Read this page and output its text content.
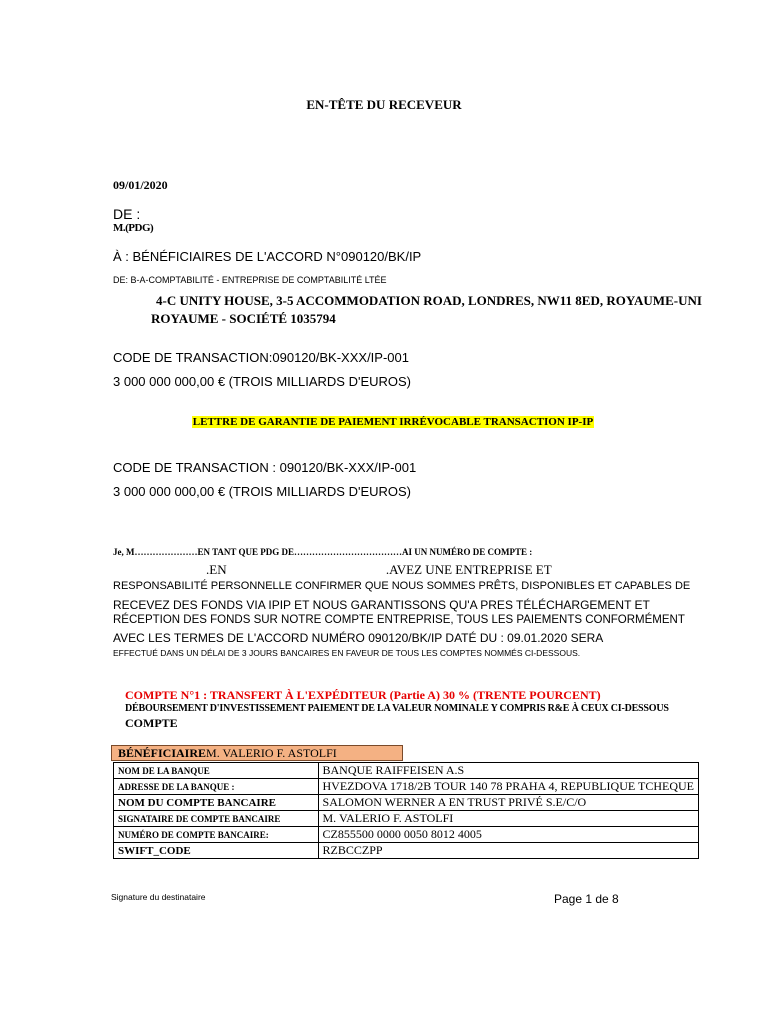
EN-TÊTE DU RECEVEUR
09/01/2020
DE :
M.(PDG)
À : BÉNÉFICIAIRES DE L'ACCORD N°090120/BK/IP
DE: B-A-COMPTABILITÉ - ENTREPRISE DE COMPTABILITÉ LTÉE
4-C UNITY HOUSE, 3-5 ACCOMMODATION ROAD, LONDRES, NW11 8ED, ROYAUME-UNI
ROYAUME - SOCIÉTÉ 1035794
CODE DE TRANSACTION:090120/BK-XXX/IP-001
3 000 000 000,00 € (TROIS MILLIARDS D'EUROS)
LETTRE DE GARANTIE DE PAIEMENT IRRÉVOCABLE TRANSACTION IP-IP
CODE DE TRANSACTION : 090120/BK-XXX/IP-001
3 000 000 000,00 € (TROIS MILLIARDS D'EUROS)
Je, M…………………EN TANT QUE PDG DE………………………………AI UN NUMÉRO DE COMPTE :
.EN                                                 .AVEZ UNE ENTREPRISE ET
RESPONSABILITÉ PERSONNELLE CONFIRMER QUE NOUS SOMMES PRÊTS, DISPONIBLES ET CAPABLES DE
RECEVEZ DES FONDS VIA IPIP ET NOUS GARANTISSONS QU'A PRES TÉLÉCHARGEMENT ET
RÉCEPTION DES FONDS SUR NOTRE COMPTE ENTREPRISE, TOUS LES PAIEMENTS CONFORMÉMENT
AVEC LES TERMES DE L'ACCORD NUMÉRO 090120/BK/IP DATÉ DU : 09.01.2020 SERA
EFFECTUÉ DANS UN DÉLAI DE 3 JOURS BANCAIRES EN FAVEUR DE TOUS LES COMPTES NOMMÉS CI-DESSOUS.
COMPTE N°1 : TRANSFERT À L'EXPÉDITEUR (Partie A) 30 % (TRENTE POURCENT)
DÉBOURSEMENT D'INVESTISSEMENT PAIEMENT DE LA VALEUR NOMINALE Y COMPRIS R&E À CEUX CI-DESSOUS
COMPTE
BÉNÉFICIAIREM. VALERIO F. ASTOLFI
NOM DE LA BANQUE	BANQUE RAIFFEISEN A.S
ADRESSE DE LA BANQUE :	HVEZDOVA 1718/2B TOUR 140 78 PRAHA 4, REPUBLIQUE TCHEQUE
NOM DU COMPTE BANCAIRE	SALOMON WERNER A EN TRUST PRIVÉ S.E/C/O
SIGNATAIRE DE COMPTE BANCAIRE	M. VALERIO F. ASTOLFI
NUMÉRO DE COMPTE BANCAIRE:	CZ855500 0000 0050 8012 4005
SWIFT_CODE	RZBCCZPP
Signature du destinataire	Page 1 de 8
